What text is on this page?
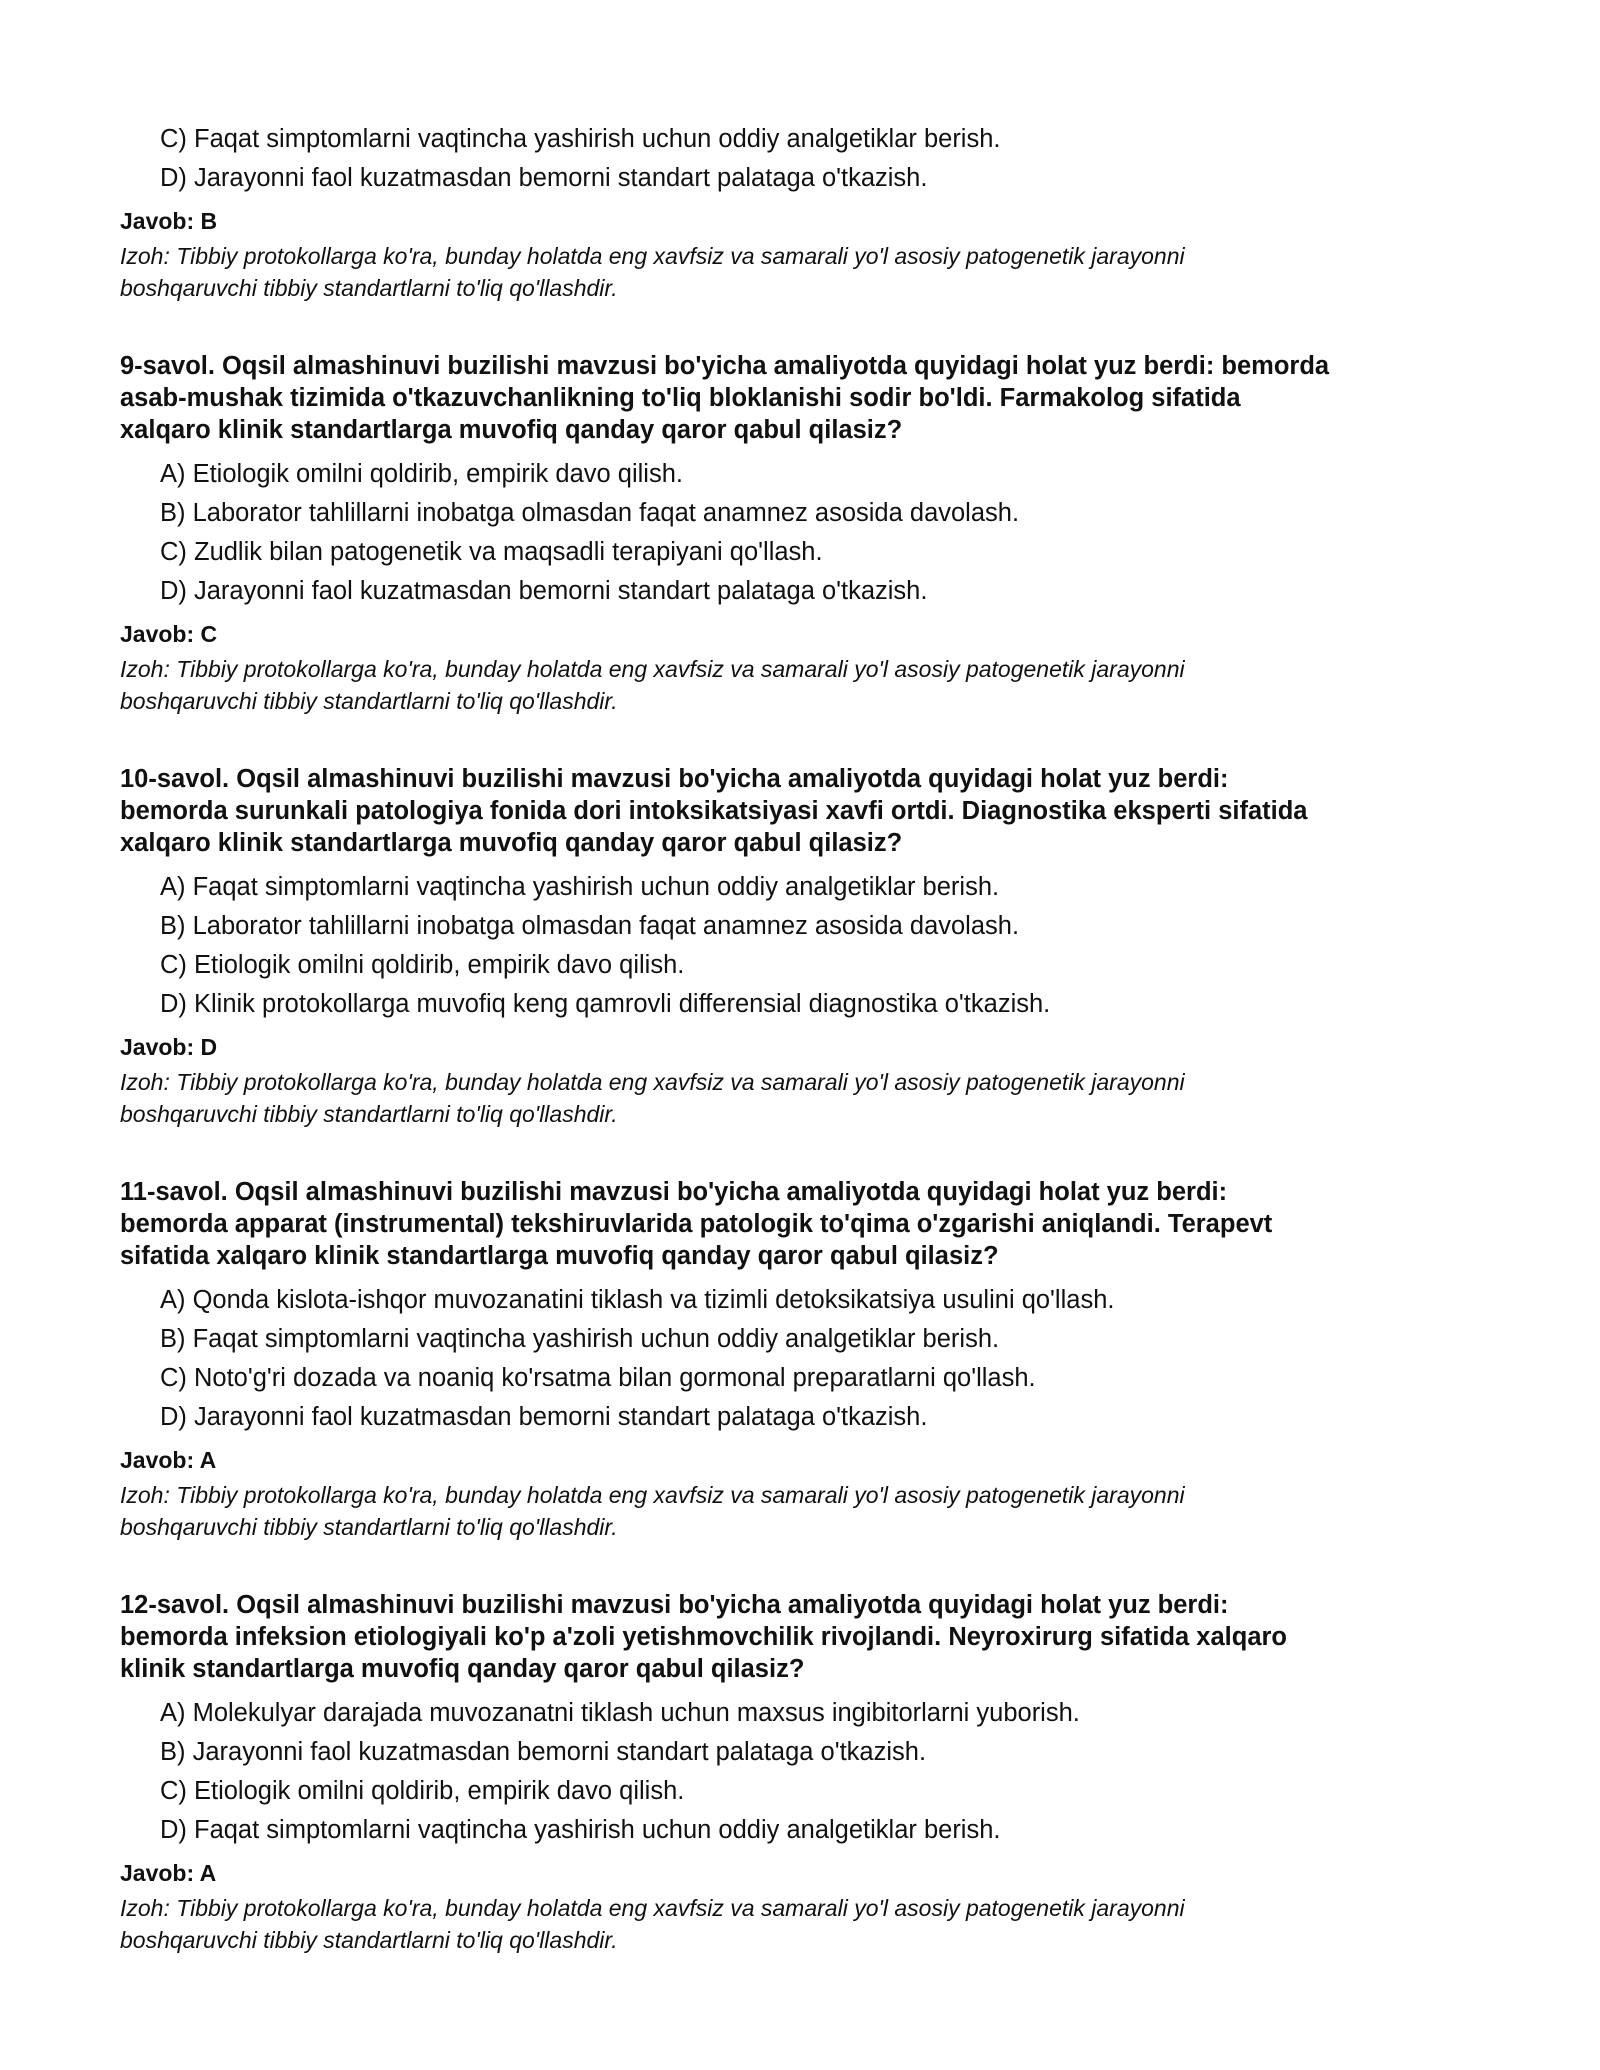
C) Faqat simptomlarni vaqtincha yashirish uchun oddiy analgetiklar berish.
D) Jarayonni faol kuzatmasdan bemorni standart palataga o'tkazish.
Javob: B
Izoh: Tibbiy protokollarga ko'ra, bunday holatda eng xavfsiz va samarali yo'l asosiy patogenetik jarayonni
boshqaruvchi tibbiy standartlarni to'liq qo'llashdir.
9-savol. Oqsil almashinuvi buzilishi mavzusi bo'yicha amaliyotda quyidagi holat yuz berdi: bemorda
asab-mushak tizimida o'tkazuvchanlikning to'liq bloklanishi sodir bo'ldi. Farmakolog sifatida
xalqaro klinik standartlarga muvofiq qanday qaror qabul qilasiz?
A) Etiologik omilni qoldirib, empirik davo qilish.
B) Laborator tahlillarni inobatga olmasdan faqat anamnez asosida davolash.
C) Zudlik bilan patogenetik va maqsadli terapiyani qo'llash.
D) Jarayonni faol kuzatmasdan bemorni standart palataga o'tkazish.
Javob: C
Izoh: Tibbiy protokollarga ko'ra, bunday holatda eng xavfsiz va samarali yo'l asosiy patogenetik jarayonni
boshqaruvchi tibbiy standartlarni to'liq qo'llashdir.
10-savol. Oqsil almashinuvi buzilishi mavzusi bo'yicha amaliyotda quyidagi holat yuz berdi:
bemorda surunkali patologiya fonida dori intoksikatsiyasi xavfi ortdi. Diagnostika eksperti sifatida
xalqaro klinik standartlarga muvofiq qanday qaror qabul qilasiz?
A) Faqat simptomlarni vaqtincha yashirish uchun oddiy analgetiklar berish.
B) Laborator tahlillarni inobatga olmasdan faqat anamnez asosida davolash.
C) Etiologik omilni qoldirib, empirik davo qilish.
D) Klinik protokollarga muvofiq keng qamrovli differensial diagnostika o'tkazish.
Javob: D
Izoh: Tibbiy protokollarga ko'ra, bunday holatda eng xavfsiz va samarali yo'l asosiy patogenetik jarayonni
boshqaruvchi tibbiy standartlarni to'liq qo'llashdir.
11-savol. Oqsil almashinuvi buzilishi mavzusi bo'yicha amaliyotda quyidagi holat yuz berdi:
bemorda apparat (instrumental) tekshiruvlarida patologik to'qima o'zgarishi aniqlandi. Terapevt
sifatida xalqaro klinik standartlarga muvofiq qanday qaror qabul qilasiz?
A) Qonda kislota-ishqor muvozanatini tiklash va tizimli detoksikatsiya usulini qo'llash.
B) Faqat simptomlarni vaqtincha yashirish uchun oddiy analgetiklar berish.
C) Noto'g'ri dozada va noaniq ko'rsatma bilan gormonal preparatlarni qo'llash.
D) Jarayonni faol kuzatmasdan bemorni standart palataga o'tkazish.
Javob: A
Izoh: Tibbiy protokollarga ko'ra, bunday holatda eng xavfsiz va samarali yo'l asosiy patogenetik jarayonni
boshqaruvchi tibbiy standartlarni to'liq qo'llashdir.
12-savol. Oqsil almashinuvi buzilishi mavzusi bo'yicha amaliyotda quyidagi holat yuz berdi:
bemorda infeksion etiologiyali ko'p a'zoli yetishmovchilik rivojlandi. Neyroxirurg sifatida xalqaro
klinik standartlarga muvofiq qanday qaror qabul qilasiz?
A) Molekulyar darajada muvozanatni tiklash uchun maxsus ingibitorlarni yuborish.
B) Jarayonni faol kuzatmasdan bemorni standart palataga o'tkazish.
C) Etiologik omilni qoldirib, empirik davo qilish.
D) Faqat simptomlarni vaqtincha yashirish uchun oddiy analgetiklar berish.
Javob: A
Izoh: Tibbiy protokollarga ko'ra, bunday holatda eng xavfsiz va samarali yo'l asosiy patogenetik jarayonni
boshqaruvchi tibbiy standartlarni to'liq qo'llashdir.
